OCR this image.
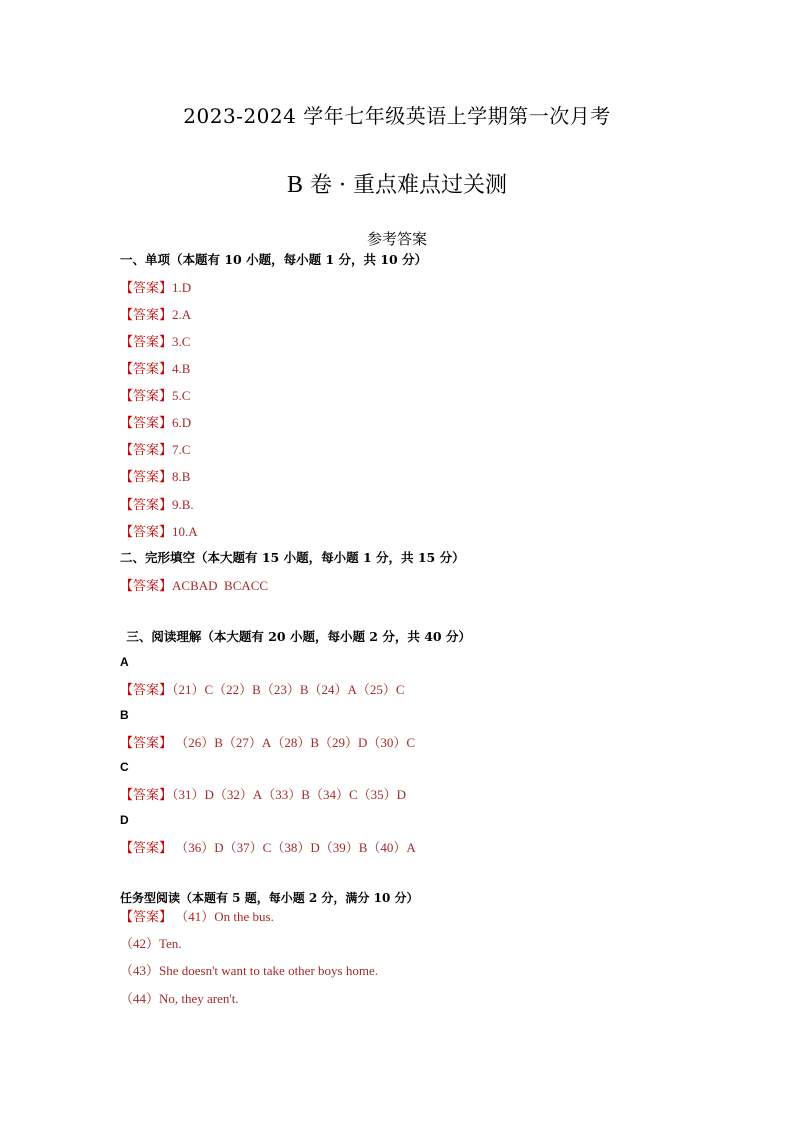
2023-2024 学年七年级英语上学期第一次月考
B 卷 · 重点难点过关测
参考答案
一、单项（本题有 10 小题，每小题 1 分，共 10 分）
【答案】1.D
【答案】2.A
【答案】3.C
【答案】4.B
【答案】5.C
【答案】6.D
【答案】7.C
【答案】8.B
【答案】9.B.
【答案】10.A
二、完形填空（本大题有 15 小题，每小题 1 分，共 15 分）
【答案】ACBAD  BCACC
三、阅读理解（本大题有 20 小题，每小题 2 分，共 40 分）
A
【答案】（21）C（22）B（23）B（24）A（25）C
B
【答案】 （26）B（27）A（28）B（29）D（30）C
C
【答案】（31）D（32）A（33）B（34）C（35）D
D
【答案】 （36）D（37）C（38）D（39）B（40）A
任务型阅读（本题有 5 题，每小题 2 分，满分 10 分）
【答案】 （41）On the bus.
（42）Ten.
（43）She doesn't want to take other boys home.
（44）No, they aren't.
